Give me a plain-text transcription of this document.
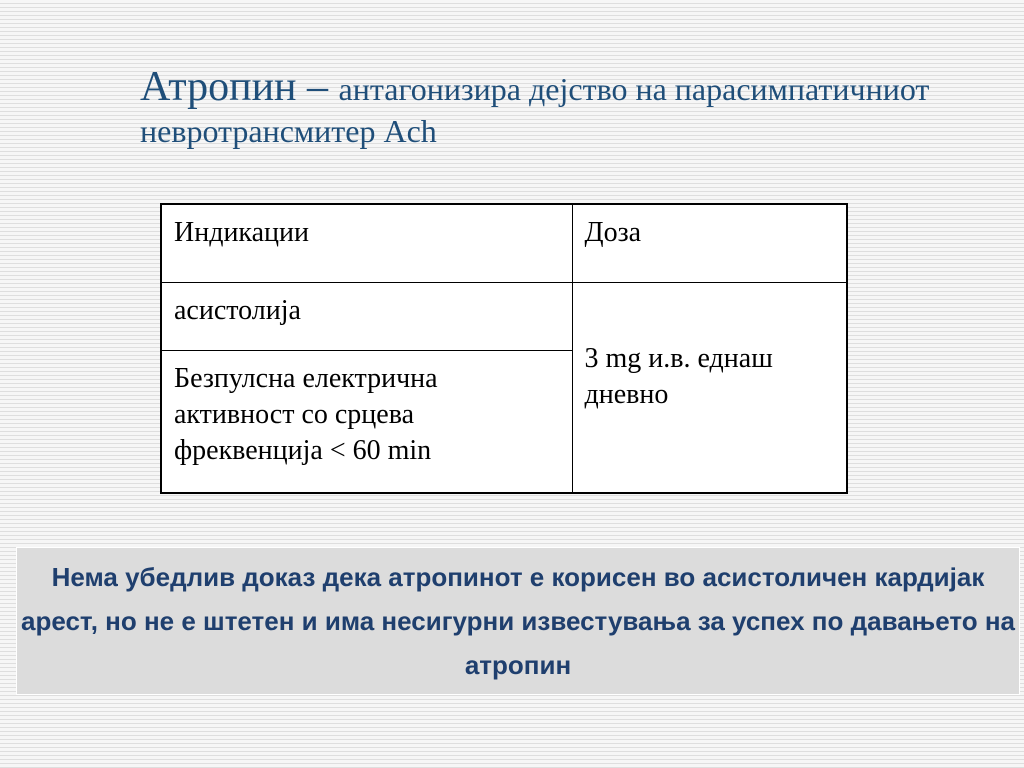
Атропин – антагонизира дејство на парасимпатичниот невротрансмитер Ach
Индикации	Доза
асистолија	3 mg и.в. еднаш дневно
Безпулсна електрична активност со срцева фреквенција < 60 min	
Нема убедлив доказ дека атропинот е корисен во асистоличен кардијак арест, но не е штетен и има несигурни известувања за успех по давањето на атропин
